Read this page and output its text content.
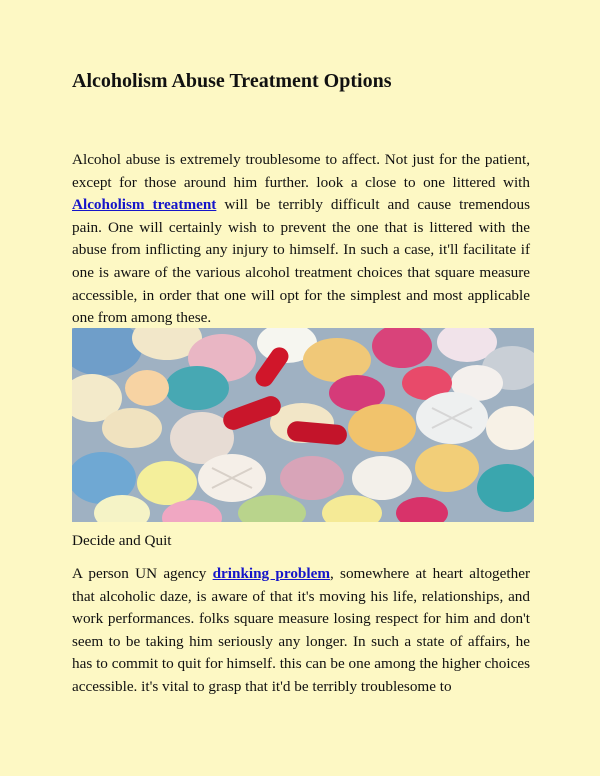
Alcoholism Abuse Treatment Options

Alcohol abuse is extremely troublesome to affect. Not just for the patient, except for those around him further. look a close to one littered with Alcoholism treatment will be terribly difficult and cause tremendous pain. One will certainly wish to prevent the one that is littered with the abuse from inflicting any injury to himself. In such a case, it'll facilitate if one is aware of the various alcohol treatment choices that square measure accessible, in order that one will opt for the simplest and most applicable one from among these.

Decide and Quit

A person UN agency drinking problem, somewhere at heart altogether that alcoholic daze, is aware of that it's moving his life, relationships, and work performances. folks square measure losing respect for him and don't seem to be taking him seriously any longer. In such a state of affairs, he has to commit to quit for himself. this can be one among the higher choices accessible. it's vital to grasp that it'd be terribly troublesome to
